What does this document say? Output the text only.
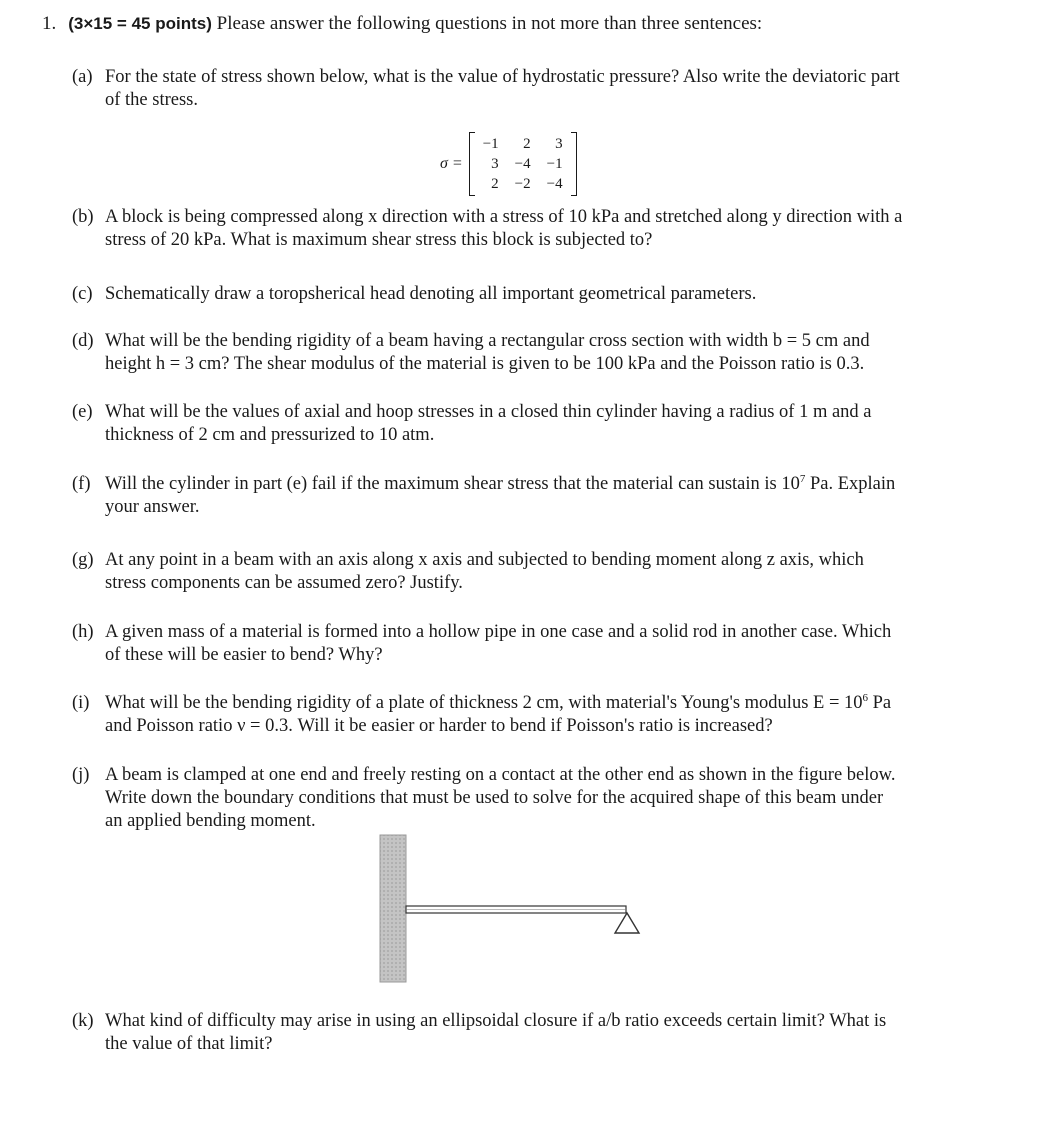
1. (3×15 = 45 points) Please answer the following questions in not more than three sentences:
(a) For the state of stress shown below, what is the value of hydrostatic pressure? Also write the deviatoric part
of the stress.
σ =
−1	2	3
3	−4	−1
2	−2	−4
(b) A block is being compressed along x direction with a stress of 10 kPa and stretched along y direction with a
stress of 20 kPa. What is maximum shear stress this block is subjected to?
(c) Schematically draw a toropsherical head denoting all important geometrical parameters.
(d) What will be the bending rigidity of a beam having a rectangular cross section with width b = 5 cm and
height h = 3 cm? The shear modulus of the material is given to be 100 kPa and the Poisson ratio is 0.3.
(e) What will be the values of axial and hoop stresses in a closed thin cylinder having a radius of 1 m and a
thickness of 2 cm and pressurized to 10 atm.
(f) Will the cylinder in part (e) fail if the maximum shear stress that the material can sustain is $10^7$ Pa. Explain
your answer.
(g) At any point in a beam with an axis along x axis and subjected to bending moment along z axis, which
stress components can be assumed zero? Justify.
(h) A given mass of a material is formed into a hollow pipe in one case and a solid rod in another case. Which
of these will be easier to bend? Why?
(i) What will be the bending rigidity of a plate of thickness 2 cm, with material's Young's modulus $E = 10^6$ Pa
and Poisson ratio ν = 0.3. Will it be easier or harder to bend if Poisson's ratio is increased?
(j) A beam is clamped at one end and freely resting on a contact at the other end as shown in the figure below.
Write down the boundary conditions that must be used to solve for the acquired shape of this beam under
an applied bending moment.
(k) What kind of difficulty may arise in using an ellipsoidal closure if a/b ratio exceeds certain limit? What is
the value of that limit?
